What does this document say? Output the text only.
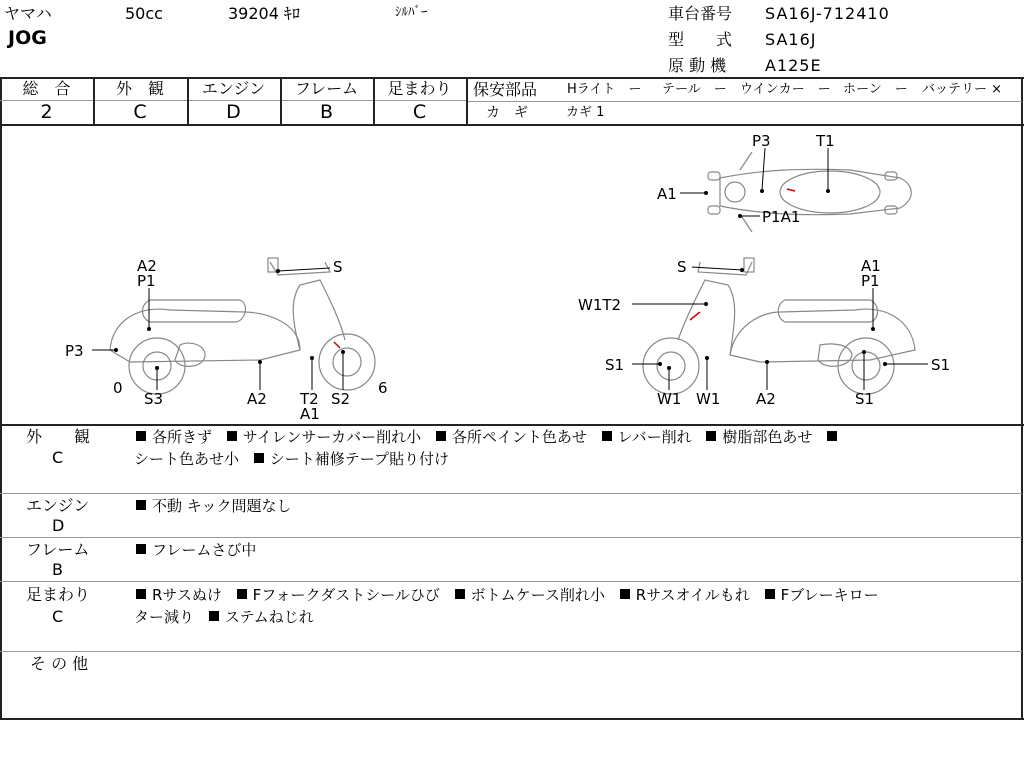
ヤマハ	50cc	39204 ｷﾛ	ｼﾙﾊﾞｰ
JOG
車台番号 SA16J-712410
型　　式 SA16J
原 動 機 A125E
総　合	外　観	エンジン	フレーム	足まわり
2	C	D	B	C
保安部品 Hライト　ー テール　ー ウインカー　ー ホーン　ー バッテリー ×
カ　ギ	カギ 1
A1
P3	T1
P1A1
A2
P1
S
P3
0	6
S3	A2 T2
A1
S2
S	A1
P1
W1T2
S1	S1
W1 W1 A2	S1
外　　観
C
各所きず サイレンサーカバー削れ小 各所ペイント色あせ レバー削れ 樹脂部色あせ
シート色あせ小 シート補修テープ貼り付け
エンジン
D
不動 キック問題なし
フレーム
B
フレームさび中
足まわり
C
Rサスぬけ Fフォークダストシールひび ボトムケース削れ小 Rサスオイルもれ Fブレーキロー
ター減り ステムねじれ
そ の 他
